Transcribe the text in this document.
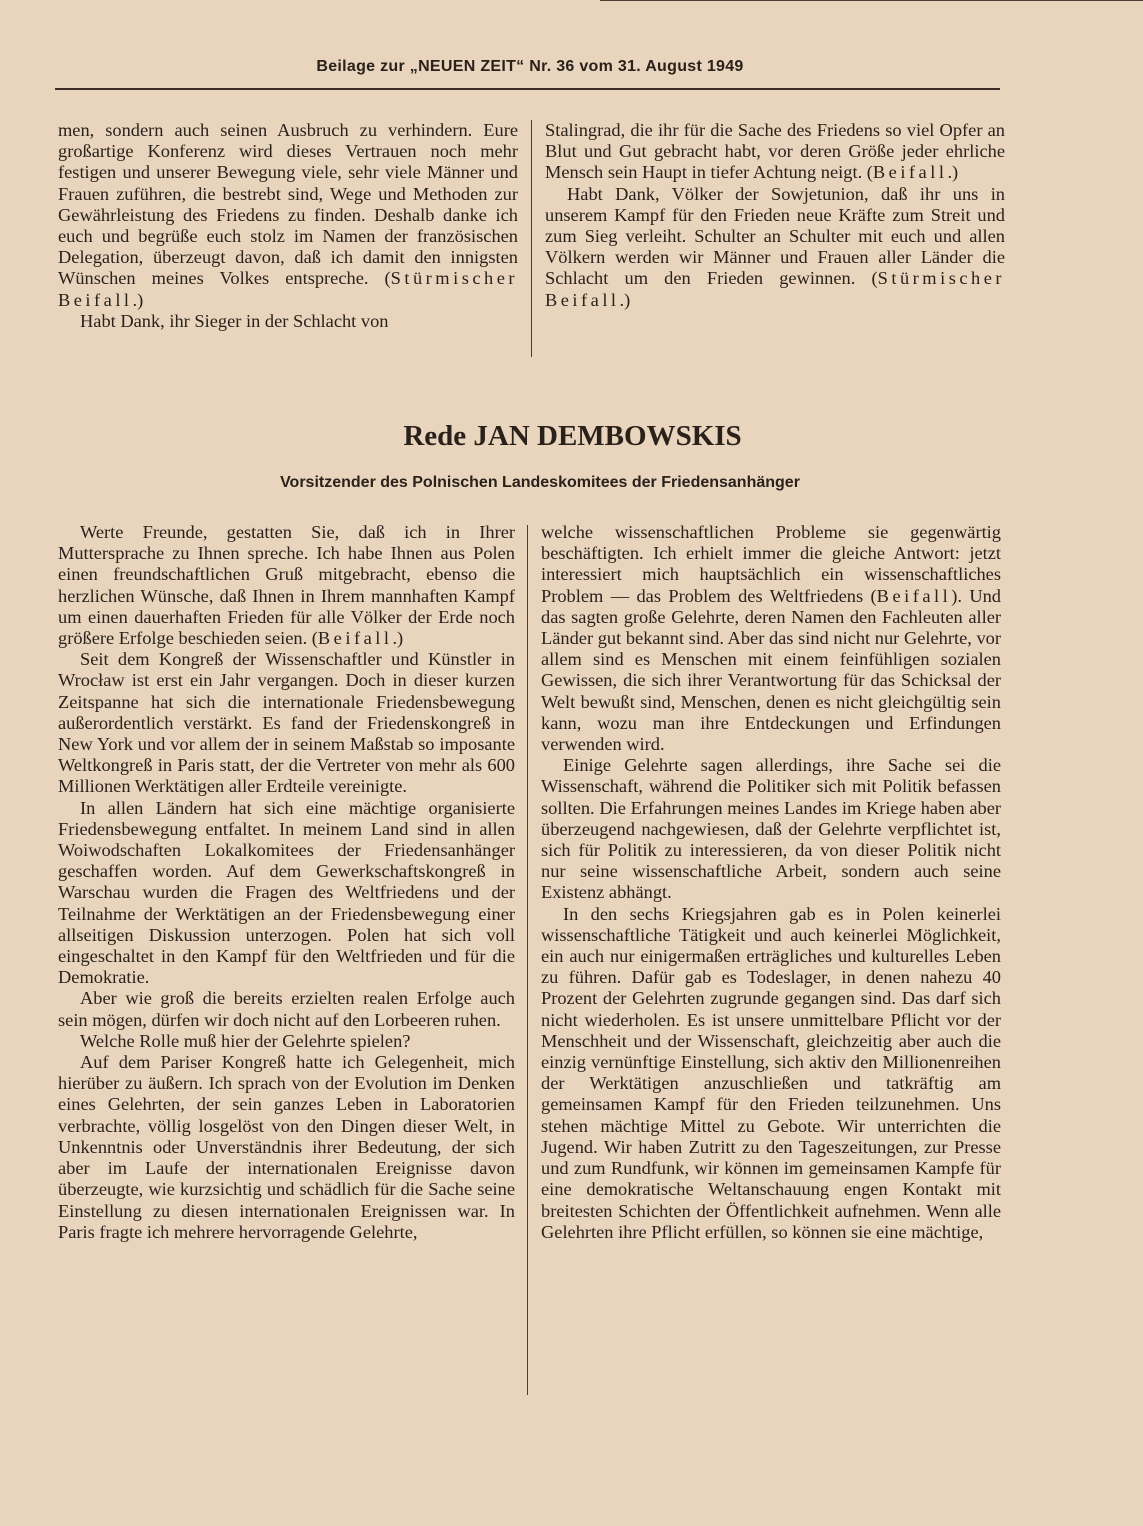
Beilage zur „NEUEN ZEIT“ Nr. 36 vom 31. August 1949

men, sondern auch seinen Ausbruch zu verhindern. Eure großartige Konferenz wird dieses Vertrauen noch mehr festigen und unserer Bewegung viele, sehr viele Männer und Frauen zuführen, die bestrebt sind, Wege und Methoden zur Gewährleistung des Friedens zu finden. Deshalb danke ich euch und begrüße euch stolz im Namen der französischen Delegation, überzeugt davon, daß ich damit den innigsten Wünschen meines Volkes entspreche. (Stürmischer Beifall.)

Habt Dank, ihr Sieger in der Schlacht von

Stalingrad, die ihr für die Sache des Friedens so viel Opfer an Blut und Gut gebracht habt, vor deren Größe jeder ehrliche Mensch sein Haupt in tiefer Achtung neigt. (Beifall.)

Habt Dank, Völker der Sowjetunion, daß ihr uns in unserem Kampf für den Frieden neue Kräfte zum Streit und zum Sieg verleiht. Schulter an Schulter mit euch und allen Völkern werden wir Männer und Frauen aller Länder die Schlacht um den Frieden gewinnen. (Stürmischer Beifall.)

Rede JAN DEMBOWSKIS
Vorsitzender des Polnischen Landeskomitees der Friedensanhänger

Werte Freunde, gestatten Sie, daß ich in Ihrer Muttersprache zu Ihnen spreche. Ich habe Ihnen aus Polen einen freundschaftlichen Gruß mitgebracht, ebenso die herzlichen Wünsche, daß Ihnen in Ihrem mannhaften Kampf um einen dauerhaften Frieden für alle Völker der Erde noch größere Erfolge beschieden seien. (Beifall.)

Seit dem Kongreß der Wissenschaftler und Künstler in Wrocław ist erst ein Jahr vergangen. Doch in dieser kurzen Zeitspanne hat sich die internationale Friedensbewegung außerordentlich verstärkt. Es fand der Friedenskongreß in New York und vor allem der in seinem Maßstab so imposante Weltkongreß in Paris statt, der die Vertreter von mehr als 600 Millionen Werktätigen aller Erdteile vereinigte.

In allen Ländern hat sich eine mächtige organisierte Friedensbewegung entfaltet. In meinem Land sind in allen Woiwodschaften Lokalkomitees der Friedensanhänger geschaffen worden. Auf dem Gewerkschaftskongreß in Warschau wurden die Fragen des Weltfriedens und der Teilnahme der Werktätigen an der Friedensbewegung einer allseitigen Diskussion unterzogen. Polen hat sich voll eingeschaltet in den Kampf für den Weltfrieden und für die Demokratie.

Aber wie groß die bereits erzielten realen Erfolge auch sein mögen, dürfen wir doch nicht auf den Lorbeeren ruhen.

Welche Rolle muß hier der Gelehrte spielen?

Auf dem Pariser Kongreß hatte ich Gelegenheit, mich hierüber zu äußern. Ich sprach von der Evolution im Denken eines Gelehrten, der sein ganzes Leben in Laboratorien verbrachte, völlig losgelöst von den Dingen dieser Welt, in Unkenntnis oder Unverständnis ihrer Bedeutung, der sich aber im Laufe der internationalen Ereignisse davon überzeugte, wie kurzsichtig und schädlich für die Sache seine Einstellung zu diesen internationalen Ereignissen war. In Paris fragte ich mehrere hervorragende Gelehrte,

welche wissenschaftlichen Probleme sie gegenwärtig beschäftigten. Ich erhielt immer die gleiche Antwort: jetzt interessiert mich hauptsächlich ein wissenschaftliches Problem — das Problem des Weltfriedens (Beifall). Und das sagten große Gelehrte, deren Namen den Fachleuten aller Länder gut bekannt sind. Aber das sind nicht nur Gelehrte, vor allem sind es Menschen mit einem feinfühligen sozialen Gewissen, die sich ihrer Verantwortung für das Schicksal der Welt bewußt sind, Menschen, denen es nicht gleichgültig sein kann, wozu man ihre Entdeckungen und Erfindungen verwenden wird.

Einige Gelehrte sagen allerdings, ihre Sache sei die Wissenschaft, während die Politiker sich mit Politik befassen sollten. Die Erfahrungen meines Landes im Kriege haben aber überzeugend nachgewiesen, daß der Gelehrte verpflichtet ist, sich für Politik zu interessieren, da von dieser Politik nicht nur seine wissenschaftliche Arbeit, sondern auch seine Existenz abhängt.

In den sechs Kriegsjahren gab es in Polen keinerlei wissenschaftliche Tätigkeit und auch keinerlei Möglichkeit, ein auch nur einigermaßen erträgliches und kulturelles Leben zu führen. Dafür gab es Todeslager, in denen nahezu 40 Prozent der Gelehrten zugrunde gegangen sind. Das darf sich nicht wiederholen. Es ist unsere unmittelbare Pflicht vor der Menschheit und der Wissenschaft, gleichzeitig aber auch die einzig vernünftige Einstellung, sich aktiv den Millionenreihen der Werktätigen anzuschließen und tatkräftig am gemeinsamen Kampf für den Frieden teilzunehmen. Uns stehen mächtige Mittel zu Gebote. Wir unterrichten die Jugend. Wir haben Zutritt zu den Tageszeitungen, zur Presse und zum Rundfunk, wir können im gemeinsamen Kampfe für eine demokratische Weltanschauung engen Kontakt mit breitesten Schichten der Öffentlichkeit aufnehmen. Wenn alle Gelehrten ihre Pflicht erfüllen, so können sie eine mächtige,
